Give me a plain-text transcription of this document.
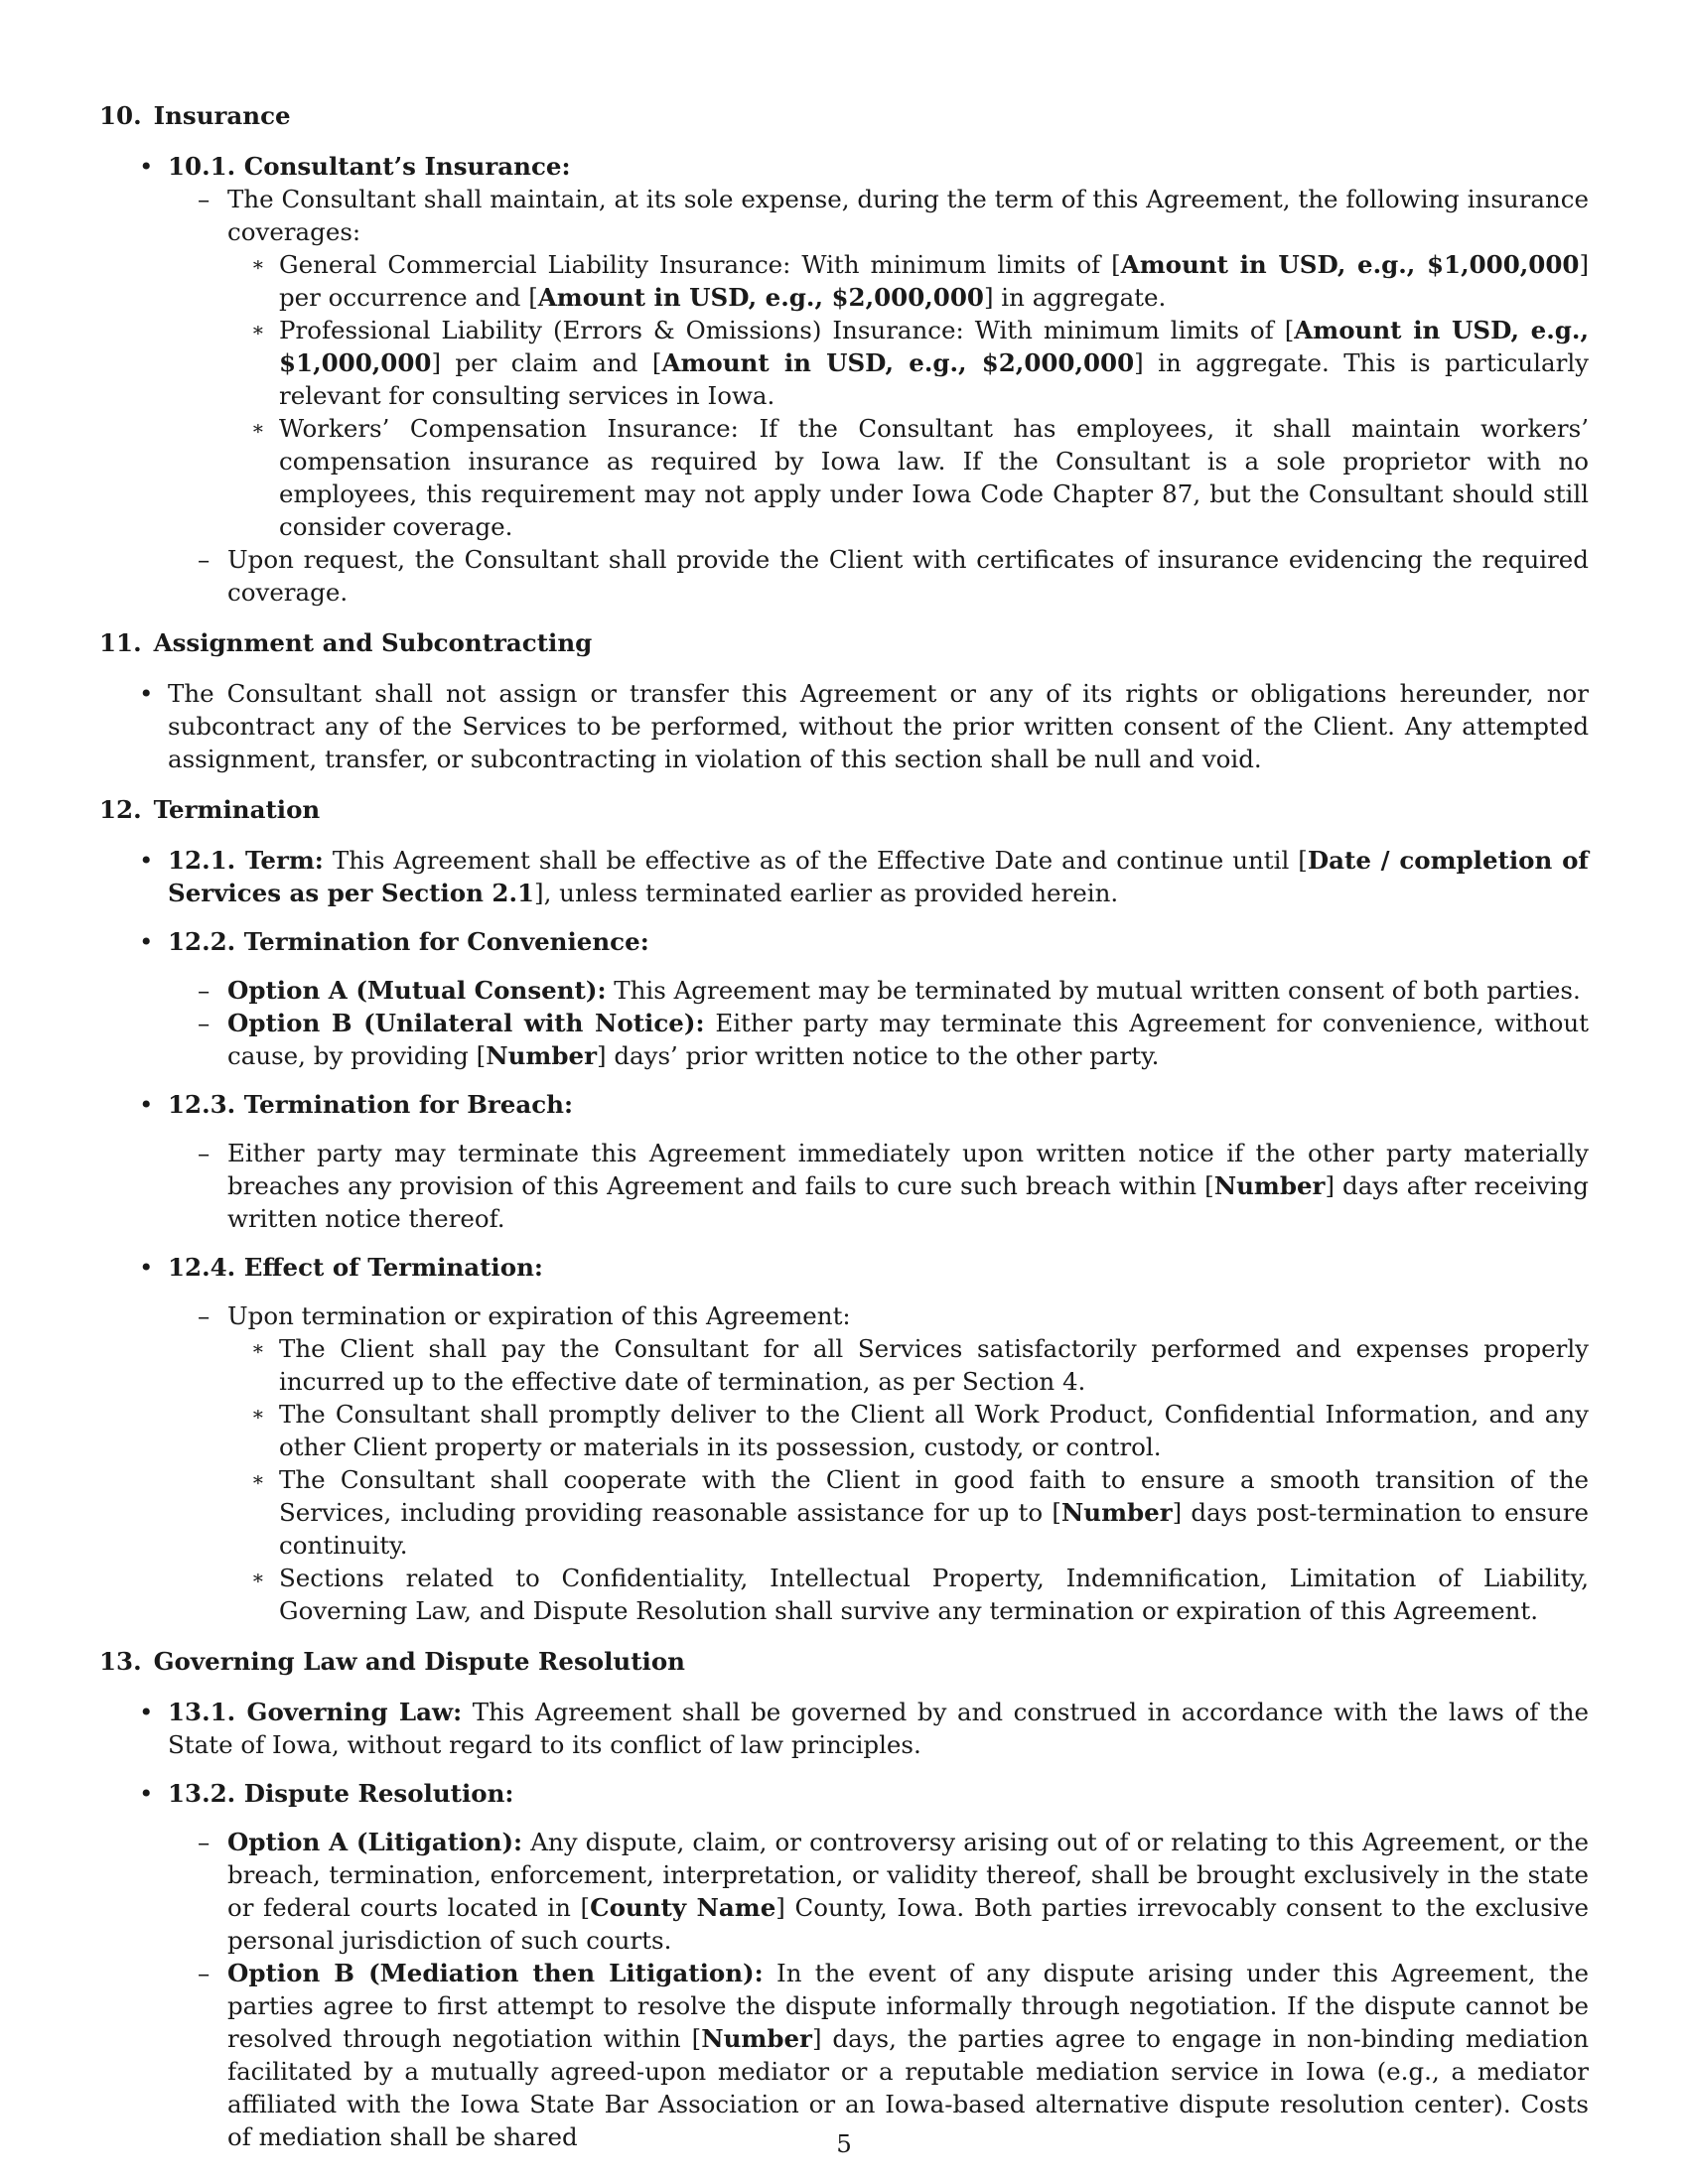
10. Insurance
• 10.1. Consultant’s Insurance:
– The Consultant shall maintain, at its sole expense, during the term of this Agreement, the following insurance coverages:
∗ General Commercial Liability Insurance: With minimum limits of [Amount in USD, e.g., $1,000,000] per occurrence and [Amount in USD, e.g., $2,000,000] in aggregate.
∗ Professional Liability (Errors & Omissions) Insurance: With minimum limits of [Amount in USD, e.g., $1,000,000] per claim and [Amount in USD, e.g., $2,000,000] in aggregate. This is particularly relevant for consulting services in Iowa.
∗ Workers’ Compensation Insurance: If the Consultant has employees, it shall maintain workers’ compensation insurance as required by Iowa law. If the Consultant is a sole proprietor with no employees, this requirement may not apply under Iowa Code Chapter 87, but the Consultant should still consider coverage.
– Upon request, the Consultant shall provide the Client with certificates of insurance evidencing the required coverage.
11. Assignment and Subcontracting
• The Consultant shall not assign or transfer this Agreement or any of its rights or obligations hereunder, nor subcontract any of the Services to be performed, without the prior written consent of the Client. Any attempted assignment, transfer, or subcontracting in violation of this section shall be null and void.
12. Termination
• 12.1. Term: This Agreement shall be effective as of the Effective Date and continue until [Date / completion of Services as per Section 2.1], unless terminated earlier as provided herein.
• 12.2. Termination for Convenience:
– Option A (Mutual Consent): This Agreement may be terminated by mutual written consent of both parties.
– Option B (Unilateral with Notice): Either party may terminate this Agreement for convenience, without cause, by providing [Number] days’ prior written notice to the other party.
• 12.3. Termination for Breach:
– Either party may terminate this Agreement immediately upon written notice if the other party materially breaches any provision of this Agreement and fails to cure such breach within [Number] days after receiving written notice thereof.
• 12.4. Effect of Termination:
– Upon termination or expiration of this Agreement:
∗ The Client shall pay the Consultant for all Services satisfactorily performed and expenses properly incurred up to the effective date of termination, as per Section 4.
∗ The Consultant shall promptly deliver to the Client all Work Product, Confidential Information, and any other Client property or materials in its possession, custody, or control.
∗ The Consultant shall cooperate with the Client in good faith to ensure a smooth transition of the Services, including providing reasonable assistance for up to [Number] days post-termination to ensure continuity.
∗ Sections related to Confidentiality, Intellectual Property, Indemnification, Limitation of Liability, Governing Law, and Dispute Resolution shall survive any termination or expiration of this Agreement.
13. Governing Law and Dispute Resolution
• 13.1. Governing Law: This Agreement shall be governed by and construed in accordance with the laws of the State of Iowa, without regard to its conflict of law principles.
• 13.2. Dispute Resolution:
– Option A (Litigation): Any dispute, claim, or controversy arising out of or relating to this Agreement, or the breach, termination, enforcement, interpretation, or validity thereof, shall be brought exclusively in the state or federal courts located in [County Name] County, Iowa. Both parties irrevocably consent to the exclusive personal jurisdiction of such courts.
– Option B (Mediation then Litigation): In the event of any dispute arising under this Agreement, the parties agree to first attempt to resolve the dispute informally through negotiation. If the dispute cannot be resolved through negotiation within [Number] days, the parties agree to engage in non-binding mediation facilitated by a mutually agreed-upon mediator or a reputable mediation service in Iowa (e.g., a mediator affiliated with the Iowa State Bar Association or an Iowa-based alternative dispute resolution center). Costs of mediation shall be shared	5
